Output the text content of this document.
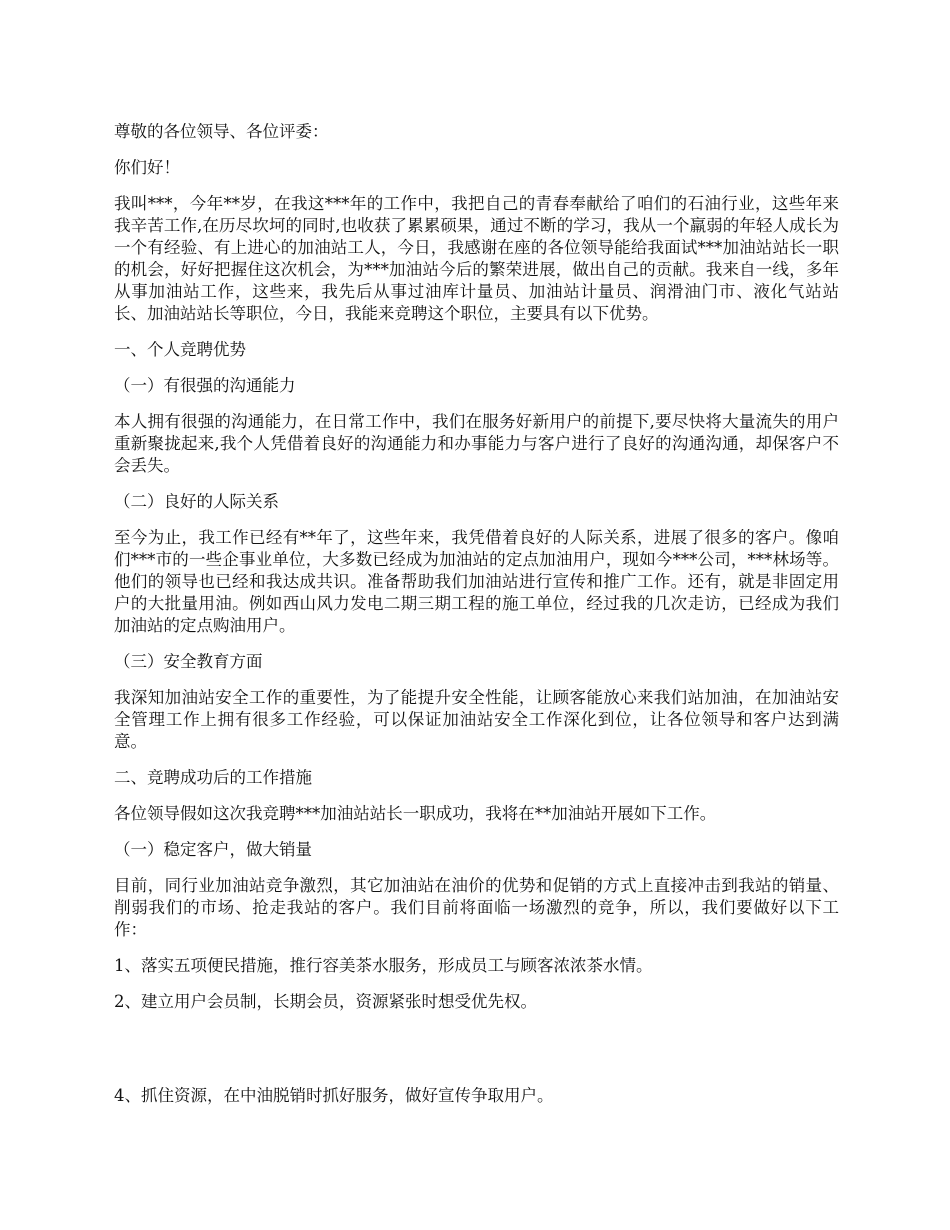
尊敬的各位领导、各位评委：

你们好！

我叫***，今年**岁，在我这***年的工作中，我把自己的青春奉献给了咱们的石油行业，这些年来我辛苦工作,在历尽坎坷的同时,也收获了累累硕果，通过不断的学习，我从一个羸弱的年轻人成长为一个有经验、有上进心的加油站工人，今日，我感谢在座的各位领导能给我面试***加油站站长一职的机会，好好把握住这次机会，为***加油站今后的繁荣进展，做出自己的贡献。我来自一线，多年从事加油站工作，这些来，我先后从事过油库计量员、加油站计量员、润滑油门市、液化气站站长、加油站站长等职位，今日，我能来竞聘这个职位，主要具有以下优势。

一、个人竞聘优势

（一）有很强的沟通能力

本人拥有很强的沟通能力，在日常工作中，我们在服务好新用户的前提下,要尽快将大量流失的用户重新聚拢起来,我个人凭借着良好的沟通能力和办事能力与客户进行了良好的沟通沟通，却保客户不会丢失。

（二）良好的人际关系

至今为止，我工作已经有**年了，这些年来，我凭借着良好的人际关系，进展了很多的客户。像咱们***市的一些企事业单位，大多数已经成为加油站的定点加油用户，现如今***公司，***林场等。他们的领导也已经和我达成共识。准备帮助我们加油站进行宣传和推广工作。还有，就是非固定用户的大批量用油。例如西山风力发电二期三期工程的施工单位，经过我的几次走访，已经成为我们加油站的定点购油用户。

（三）安全教育方面

我深知加油站安全工作的重要性，为了能提升安全性能，让顾客能放心来我们站加油，在加油站安全管理工作上拥有很多工作经验，可以保证加油站安全工作深化到位，让各位领导和客户达到满意。

二、竞聘成功后的工作措施

各位领导假如这次我竞聘***加油站站长一职成功，我将在**加油站开展如下工作。

（一）稳定客户，做大销量

目前，同行业加油站竞争激烈，其它加油站在油价的优势和促销的方式上直接冲击到我站的销量、削弱我们的市场、抢走我站的客户。我们目前将面临一场激烈的竞争，所以，我们要做好以下工作：

1、落实五项便民措施，推行容美茶水服务，形成员工与顾客浓浓茶水情。

2、建立用户会员制，长期会员，资源紧张时想受优先权。

4、抓住资源，在中油脱销时抓好服务，做好宣传争取用户。
